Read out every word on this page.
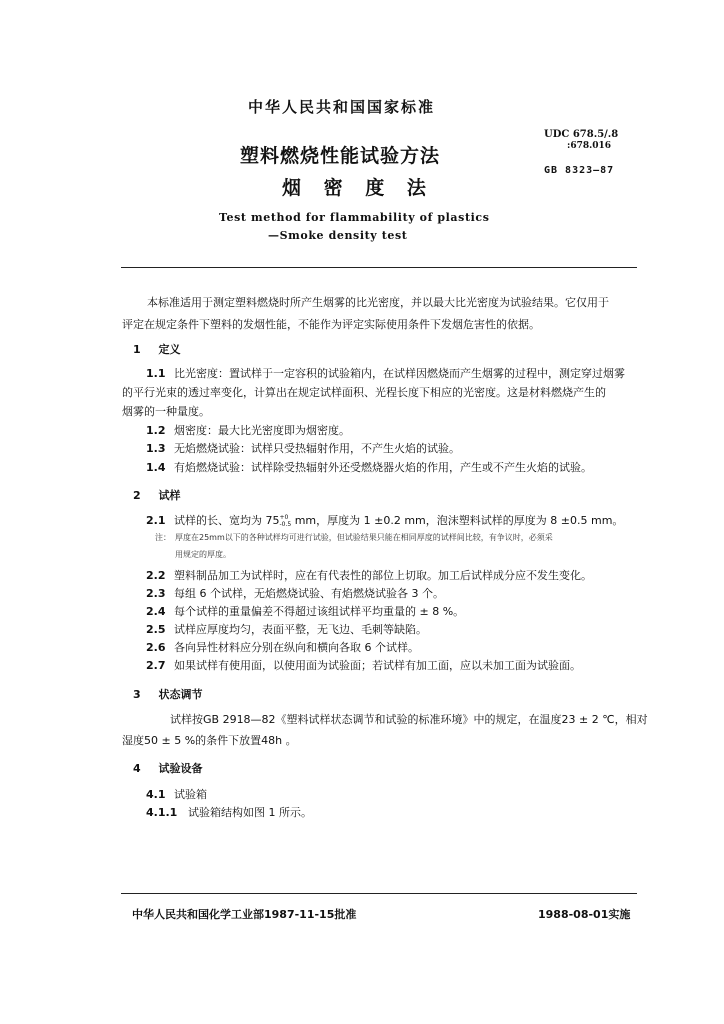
中华人民共和国国家标准
塑料燃烧性能试验方法
烟 密 度 法
Test method for flammability of plastics
—Smoke density test
UDC 678.5/.8
:678.016
GB 8323—87
本标准适用于测定塑料燃烧时所产生烟雾的比光密度，并以最大比光密度为试验结果。它仅用于
评定在规定条件下塑料的发烟性能，不能作为评定实际使用条件下发烟危害性的依据。
1 定义
1.1 比光密度：置试样于一定容积的试验箱内，在试样因燃烧而产生烟雾的过程中，测定穿过烟雾
的平行光束的透过率变化，计算出在规定试样面积、光程长度下相应的光密度。这是材料燃烧产生的
烟雾的一种量度。
1.2 烟密度：最大比光密度即为烟密度。
1.3 无焰燃烧试验：试样只受热辐射作用，不产生火焰的试验。
1.4 有焰燃烧试验：试样除受热辐射外还受燃烧器火焰的作用，产生或不产生火焰的试验。
2 试样
2.1 试样的长、宽均为 75 +0
-0.5 mm，厚度为 1 ±0.2 mm，泡沫塑料试样的厚度为 8 ±0.5 mm。
注： 厚度在25mm以下的各种试样均可进行试验，但试验结果只能在相同厚度的试样间比较，有争议时，必须采
用规定的厚度。
2.2 塑料制品加工为试样时，应在有代表性的部位上切取。加工后试样成分应不发生变化。
2.3 每组 6 个试样，无焰燃烧试验、有焰燃烧试验各 3 个。
2.4 每个试样的重量偏差不得超过该组试样平均重量的 ± 8 %。
2.5 试样应厚度均匀，表面平整，无飞边、毛刺等缺陷。
2.6 各向异性材料应分别在纵向和横向各取 6 个试样。
2.7 如果试样有使用面，以使用面为试验面；若试样有加工面，应以未加工面为试验面。
3 状态调节
试样按GB 2918—82《塑料试样状态调节和试验的标准环境》中的规定，在温度23 ± 2 ℃，相对
湿度50 ± 5 %的条件下放置48h 。
4 试验设备
4.1 试验箱
4.1.1 试验箱结构如图 1 所示。
中华人民共和国化学工业部1987-11-15批准	1988-08-01实施
